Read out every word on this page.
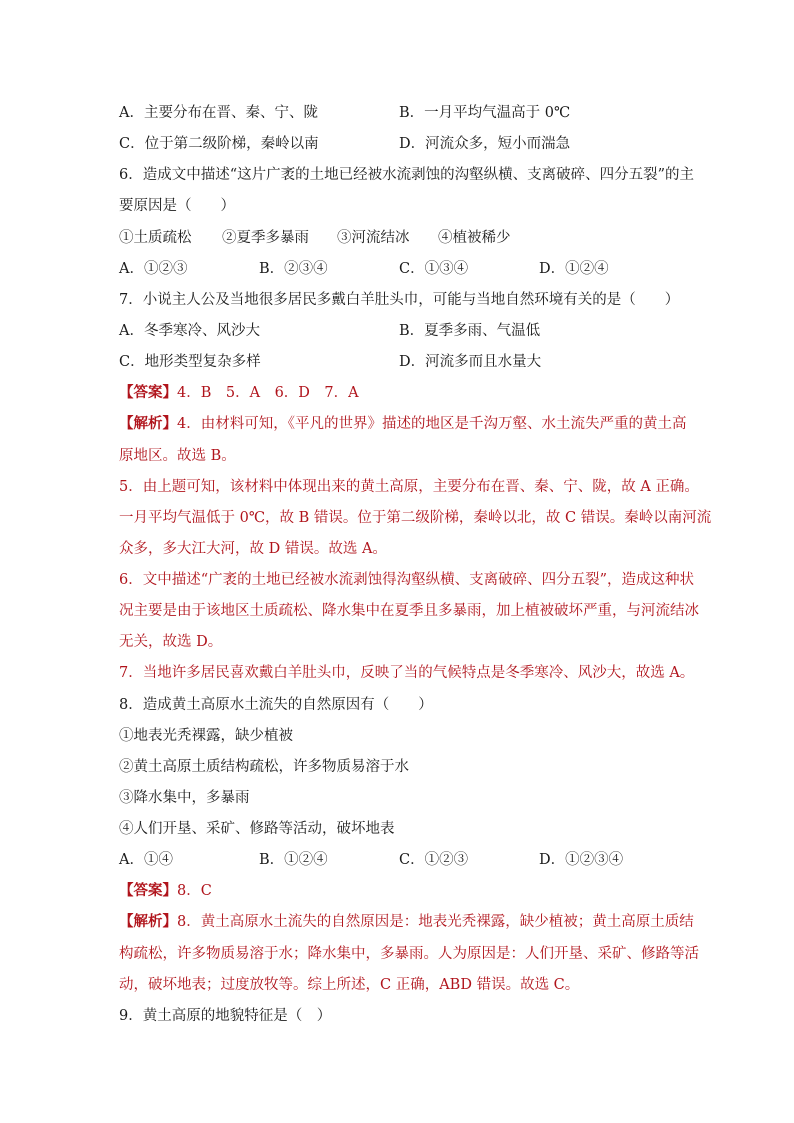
A．主要分布在晋、秦、宁、陇	B．一月平均气温高于 0℃
C．位于第二级阶梯，秦岭以南	D．河流众多，短小而湍急
6．造成文中描述“这片广袤的土地已经被水流剥蚀的沟壑纵横、支离破碎、四分五裂”的主
要原因是（　　）
①土质疏松 ②夏季多暴雨 ③河流结冰 ④植被稀少
A．①②③	B．②③④	C．①③④	D．①②④
7．小说主人公及当地很多居民多戴白羊肚头巾，可能与当地自然环境有关的是（　　）
A．冬季寒冷、风沙大	B．夏季多雨、气温低
C．地形类型复杂多样	D．河流多而且水量大
【答案】4．B　5．A　6．D　7．A
【解析】4．由材料可知，《平凡的世界》描述的地区是千沟万壑、水土流失严重的黄土高
原地区。故选 B。
5．由上题可知，该材料中体现出来的黄土高原，主要分布在晋、秦、宁、陇，故 A 正确。
一月平均气温低于 0℃，故 B 错误。位于第二级阶梯，秦岭以北，故 C 错误。秦岭以南河流
众多，多大江大河，故 D 错误。故选 A。
6．文中描述“广袤的土地已经被水流剥蚀得沟壑纵横、支离破碎、四分五裂”，造成这种状
况主要是由于该地区土质疏松、降水集中在夏季且多暴雨，加上植被破坏严重，与河流结冰
无关，故选 D。
7．当地许多居民喜欢戴白羊肚头巾，反映了当的气候特点是冬季寒冷、风沙大，故选 A。
8．造成黄土高原水土流失的自然原因有（　　）
①地表光秃裸露，缺少植被
②黄土高原土质结构疏松，许多物质易溶于水
③降水集中，多暴雨
④人们开垦、采矿、修路等活动，破坏地表
A．①④	B．①②④	C．①②③	D．①②③④
【答案】8．C
【解析】8．黄土高原水土流失的自然原因是：地表光秃裸露，缺少植被；黄土高原土质结
构疏松，许多物质易溶于水；降水集中，多暴雨。人为原因是：人们开垦、采矿、修路等活
动，破坏地表；过度放牧等。综上所述，C 正确，ABD 错误。故选 C。
9．黄土高原的地貌特征是（　）
